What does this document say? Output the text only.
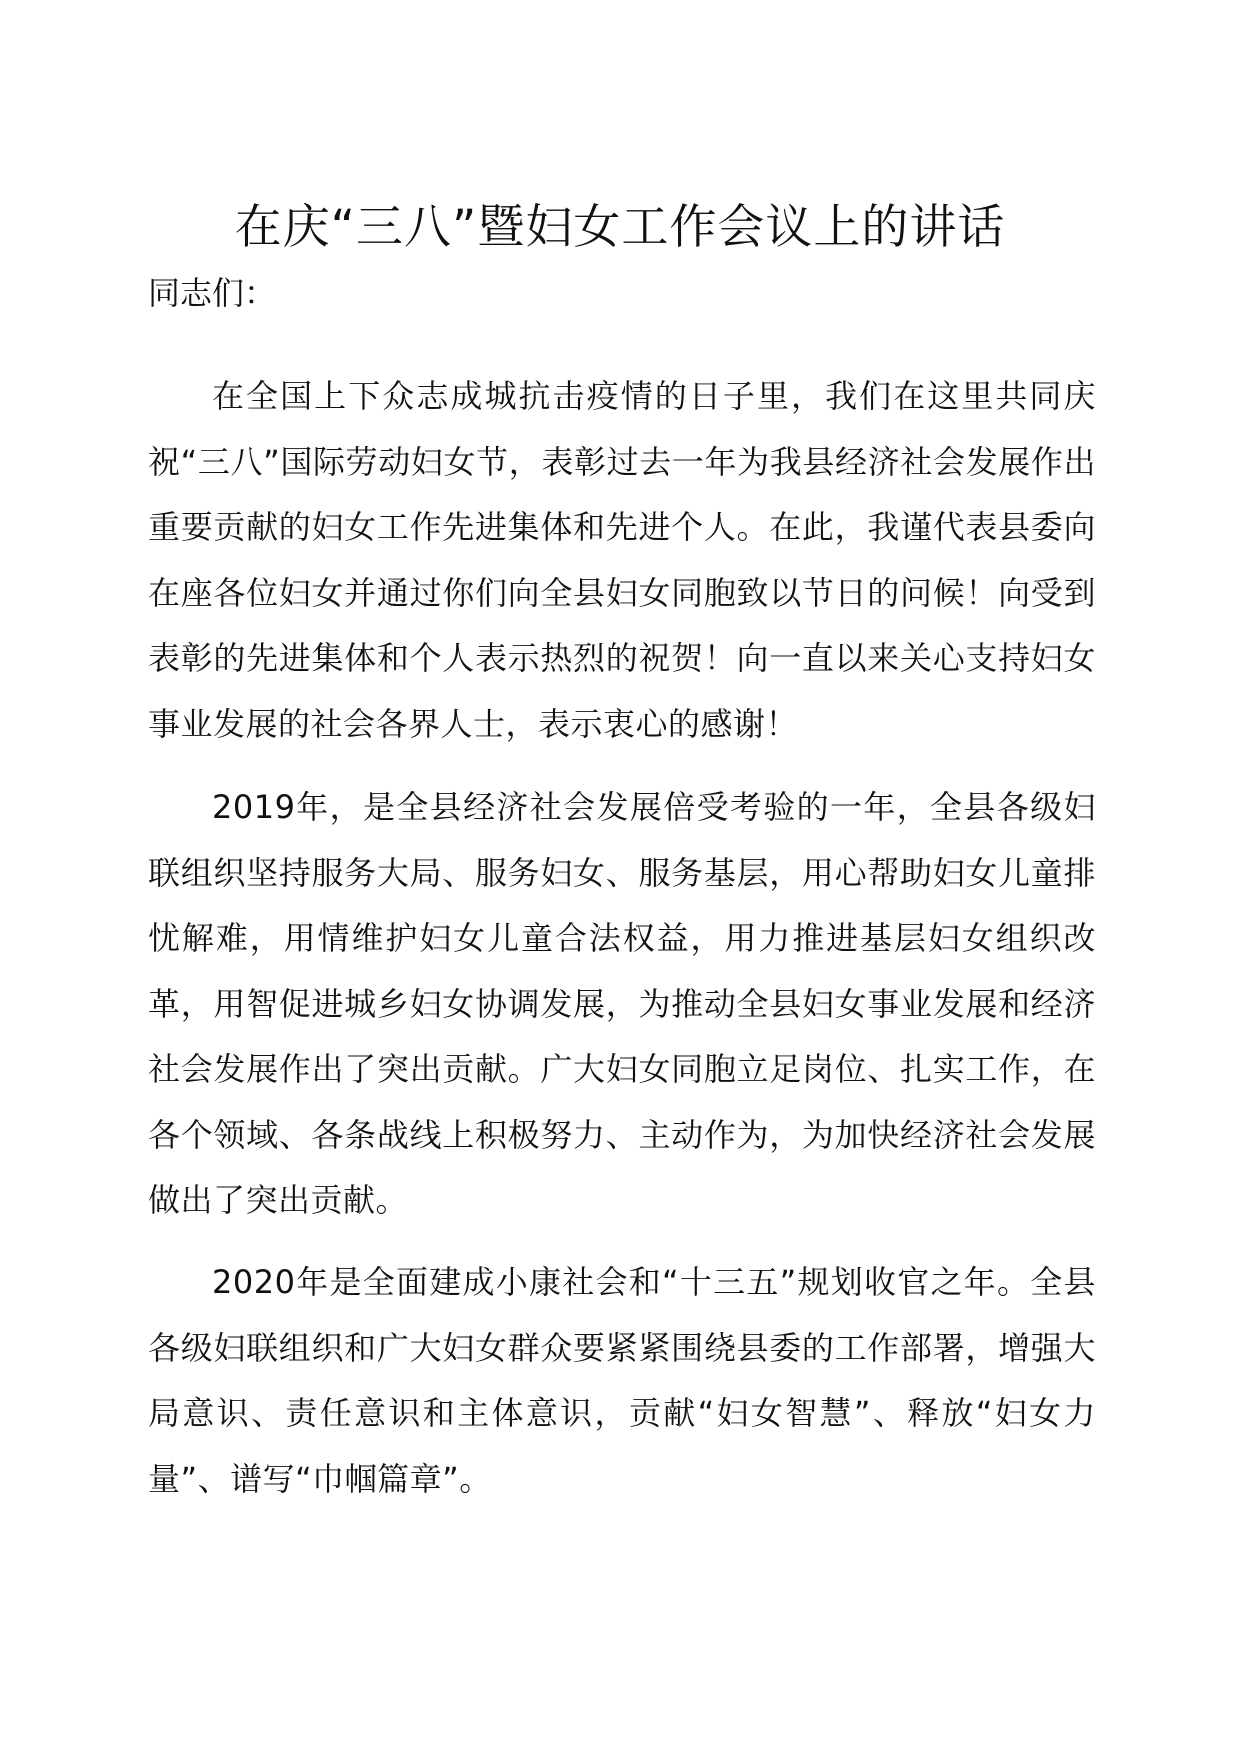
在庆“三八”暨妇女工作会议上的讲话
同志们：

在全国上下众志成城抗击疫情的日子里，我们在这里共同庆祝“三八”国际劳动妇女节，表彰过去一年为我县经济社会发展作出重要贡献的妇女工作先进集体和先进个人。在此，我谨代表县委向在座各位妇女并通过你们向全县妇女同胞致以节日的问候！向受到表彰的先进集体和个人表示热烈的祝贺！向一直以来关心支持妇女事业发展的社会各界人士，表示衷心的感谢！

2019年，是全县经济社会发展倍受考验的一年，全县各级妇联组织坚持服务大局、服务妇女、服务基层，用心帮助妇女儿童排忧解难，用情维护妇女儿童合法权益，用力推进基层妇女组织改革，用智促进城乡妇女协调发展，为推动全县妇女事业发展和经济社会发展作出了突出贡献。广大妇女同胞立足岗位、扎实工作，在各个领域、各条战线上积极努力、主动作为，为加快经济社会发展做出了突出贡献。

2020年是全面建成小康社会和“十三五”规划收官之年。全县各级妇联组织和广大妇女群众要紧紧围绕县委的工作部署，增强大局意识、责任意识和主体意识，贡献“妇女智慧”、释放“妇女力量”、谱写“巾帼篇章”。
